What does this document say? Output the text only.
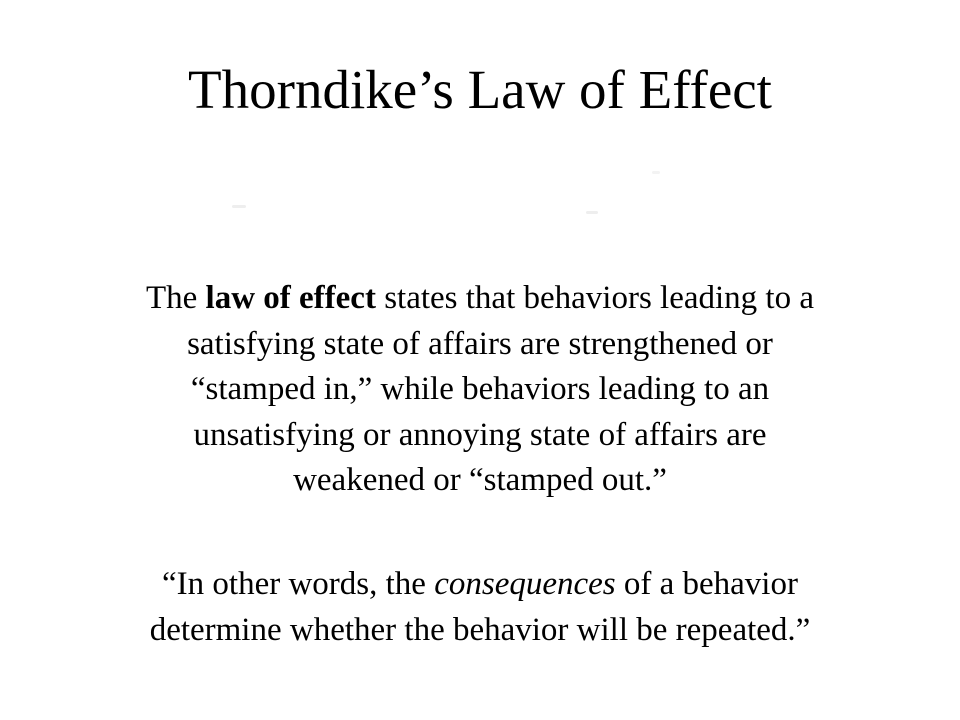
Thorndike’s Law of Effect

The law of effect states that behaviors leading to a
satisfying state of affairs are strengthened or
“stamped in,” while behaviors leading to an
unsatisfying or annoying state of affairs are
weakened or “stamped out.”

“In other words, the consequences of a behavior
determine whether the behavior will be repeated.”
